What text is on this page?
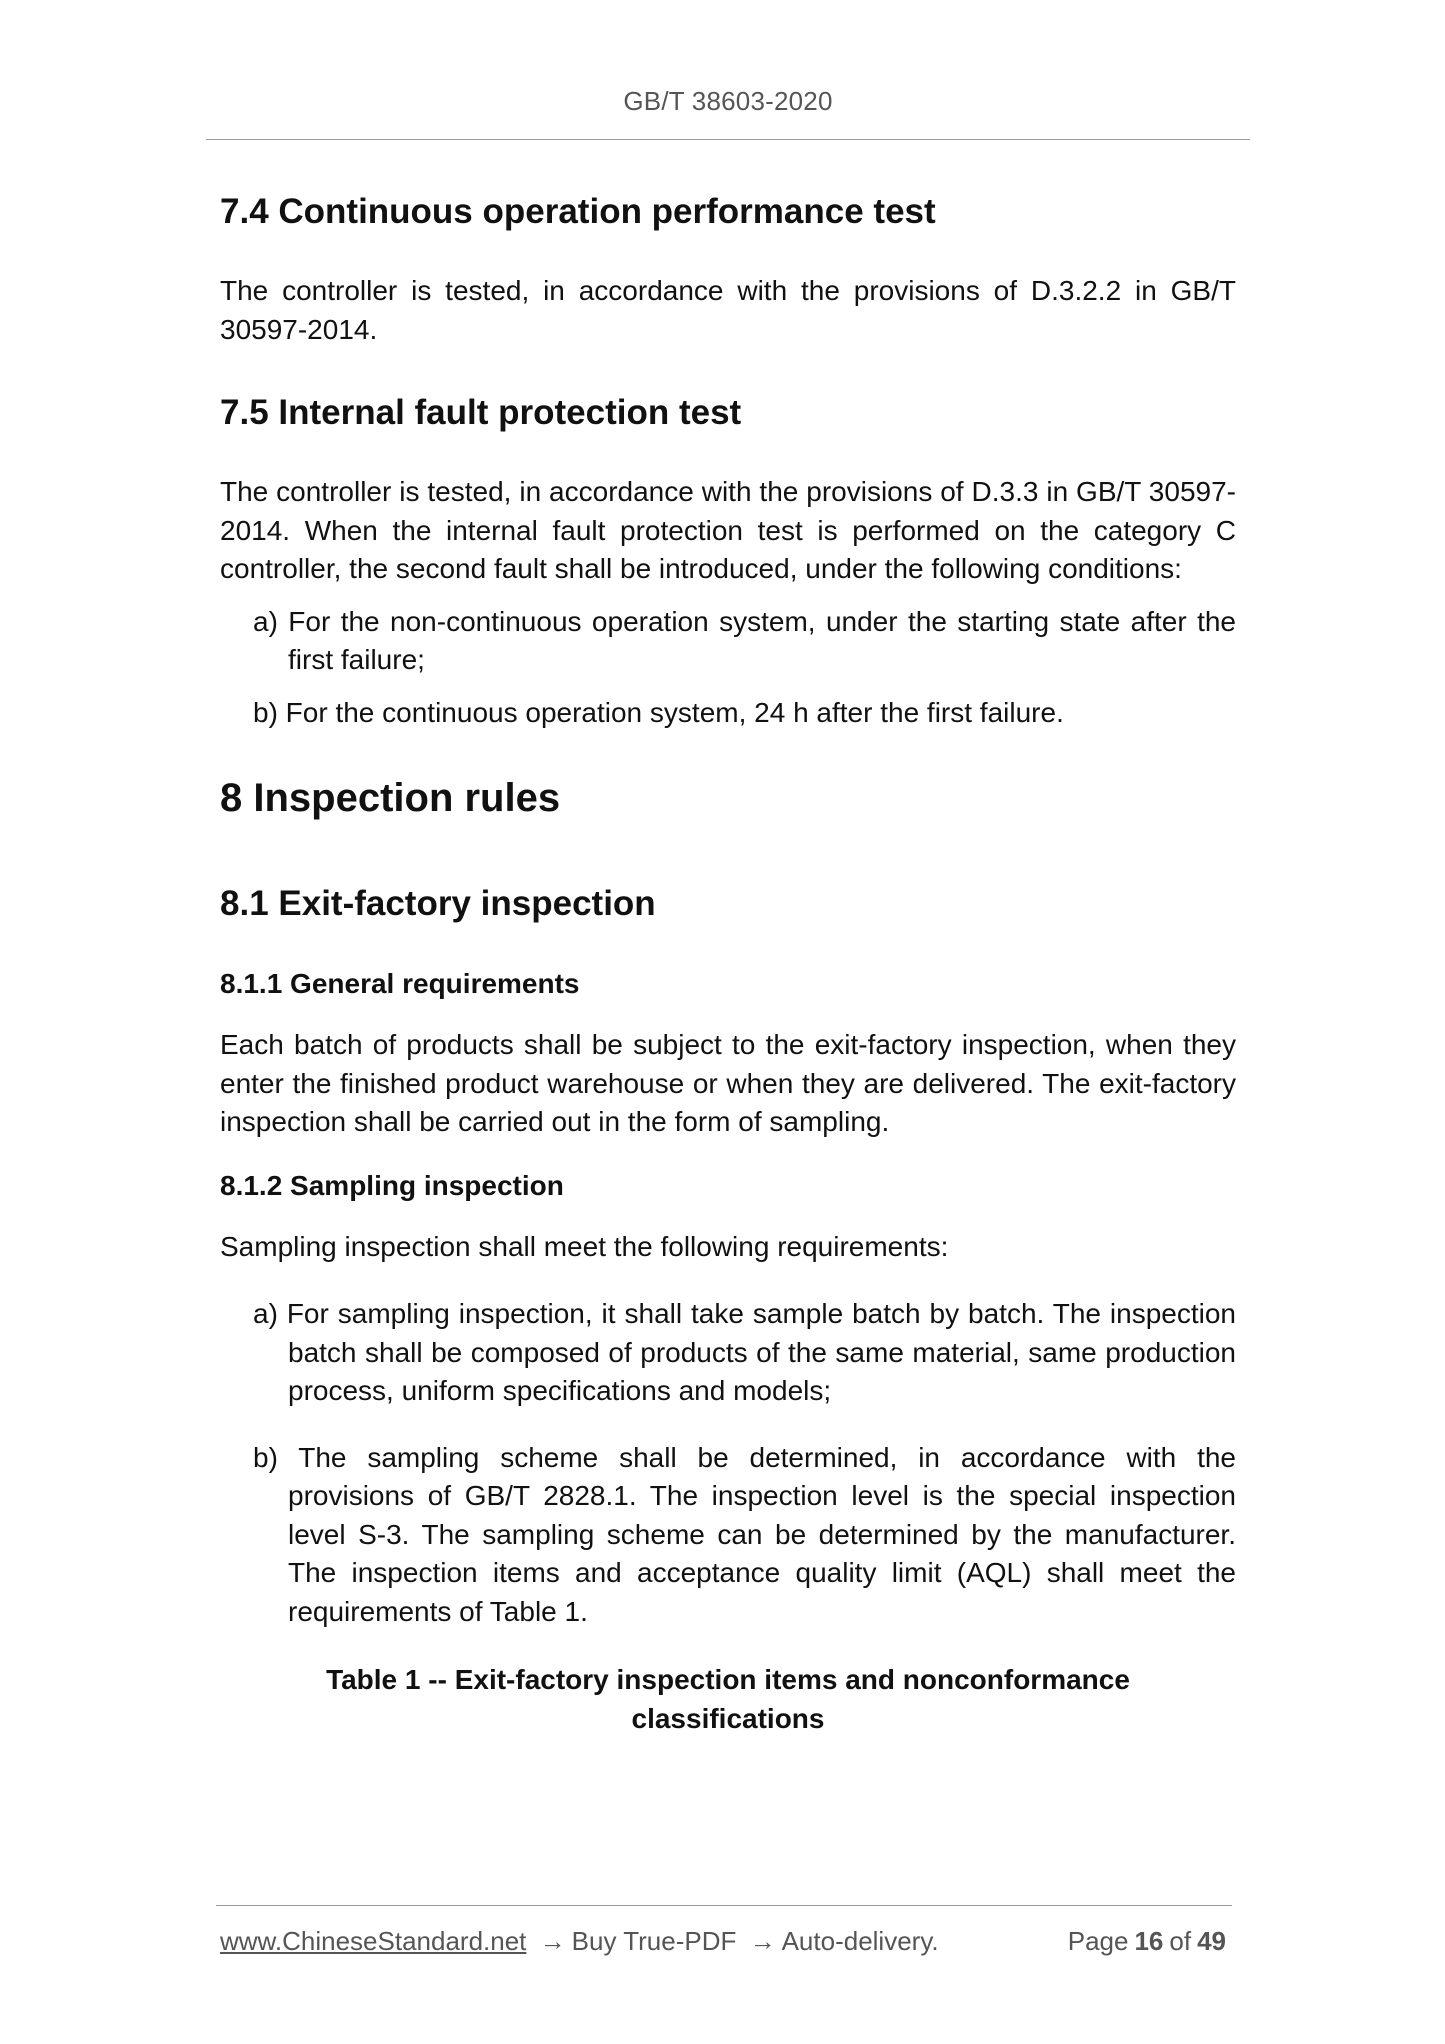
GB/T 38603-2020
7.4 Continuous operation performance test

The controller is tested, in accordance with the provisions of D.3.2.2 in GB/T 30597-2014.

7.5 Internal fault protection test

The controller is tested, in accordance with the provisions of D.3.3 in GB/T 30597-2014. When the internal fault protection test is performed on the category C controller, the second fault shall be introduced, under the following conditions:

a) For the non-continuous operation system, under the starting state after the first failure;

b) For the continuous operation system, 24 h after the first failure.

8 Inspection rules
8.1 Exit-factory inspection
8.1.1 General requirements

Each batch of products shall be subject to the exit-factory inspection, when they enter the finished product warehouse or when they are delivered. The exit-factory inspection shall be carried out in the form of sampling.

8.1.2 Sampling inspection

Sampling inspection shall meet the following requirements:

a) For sampling inspection, it shall take sample batch by batch. The inspection batch shall be composed of products of the same material, same production process, uniform specifications and models;

b) The sampling scheme shall be determined, in accordance with the provisions of GB/T 2828.1. The inspection level is the special inspection level S-3. The sampling scheme can be determined by the manufacturer. The inspection items and acceptance quality limit (AQL) shall meet the requirements of Table 1.

Table 1 -- Exit-factory inspection items and nonconformance classifications

www.ChineseStandard.net → Buy True-PDF → Auto-delivery.	Page 16 of 49
